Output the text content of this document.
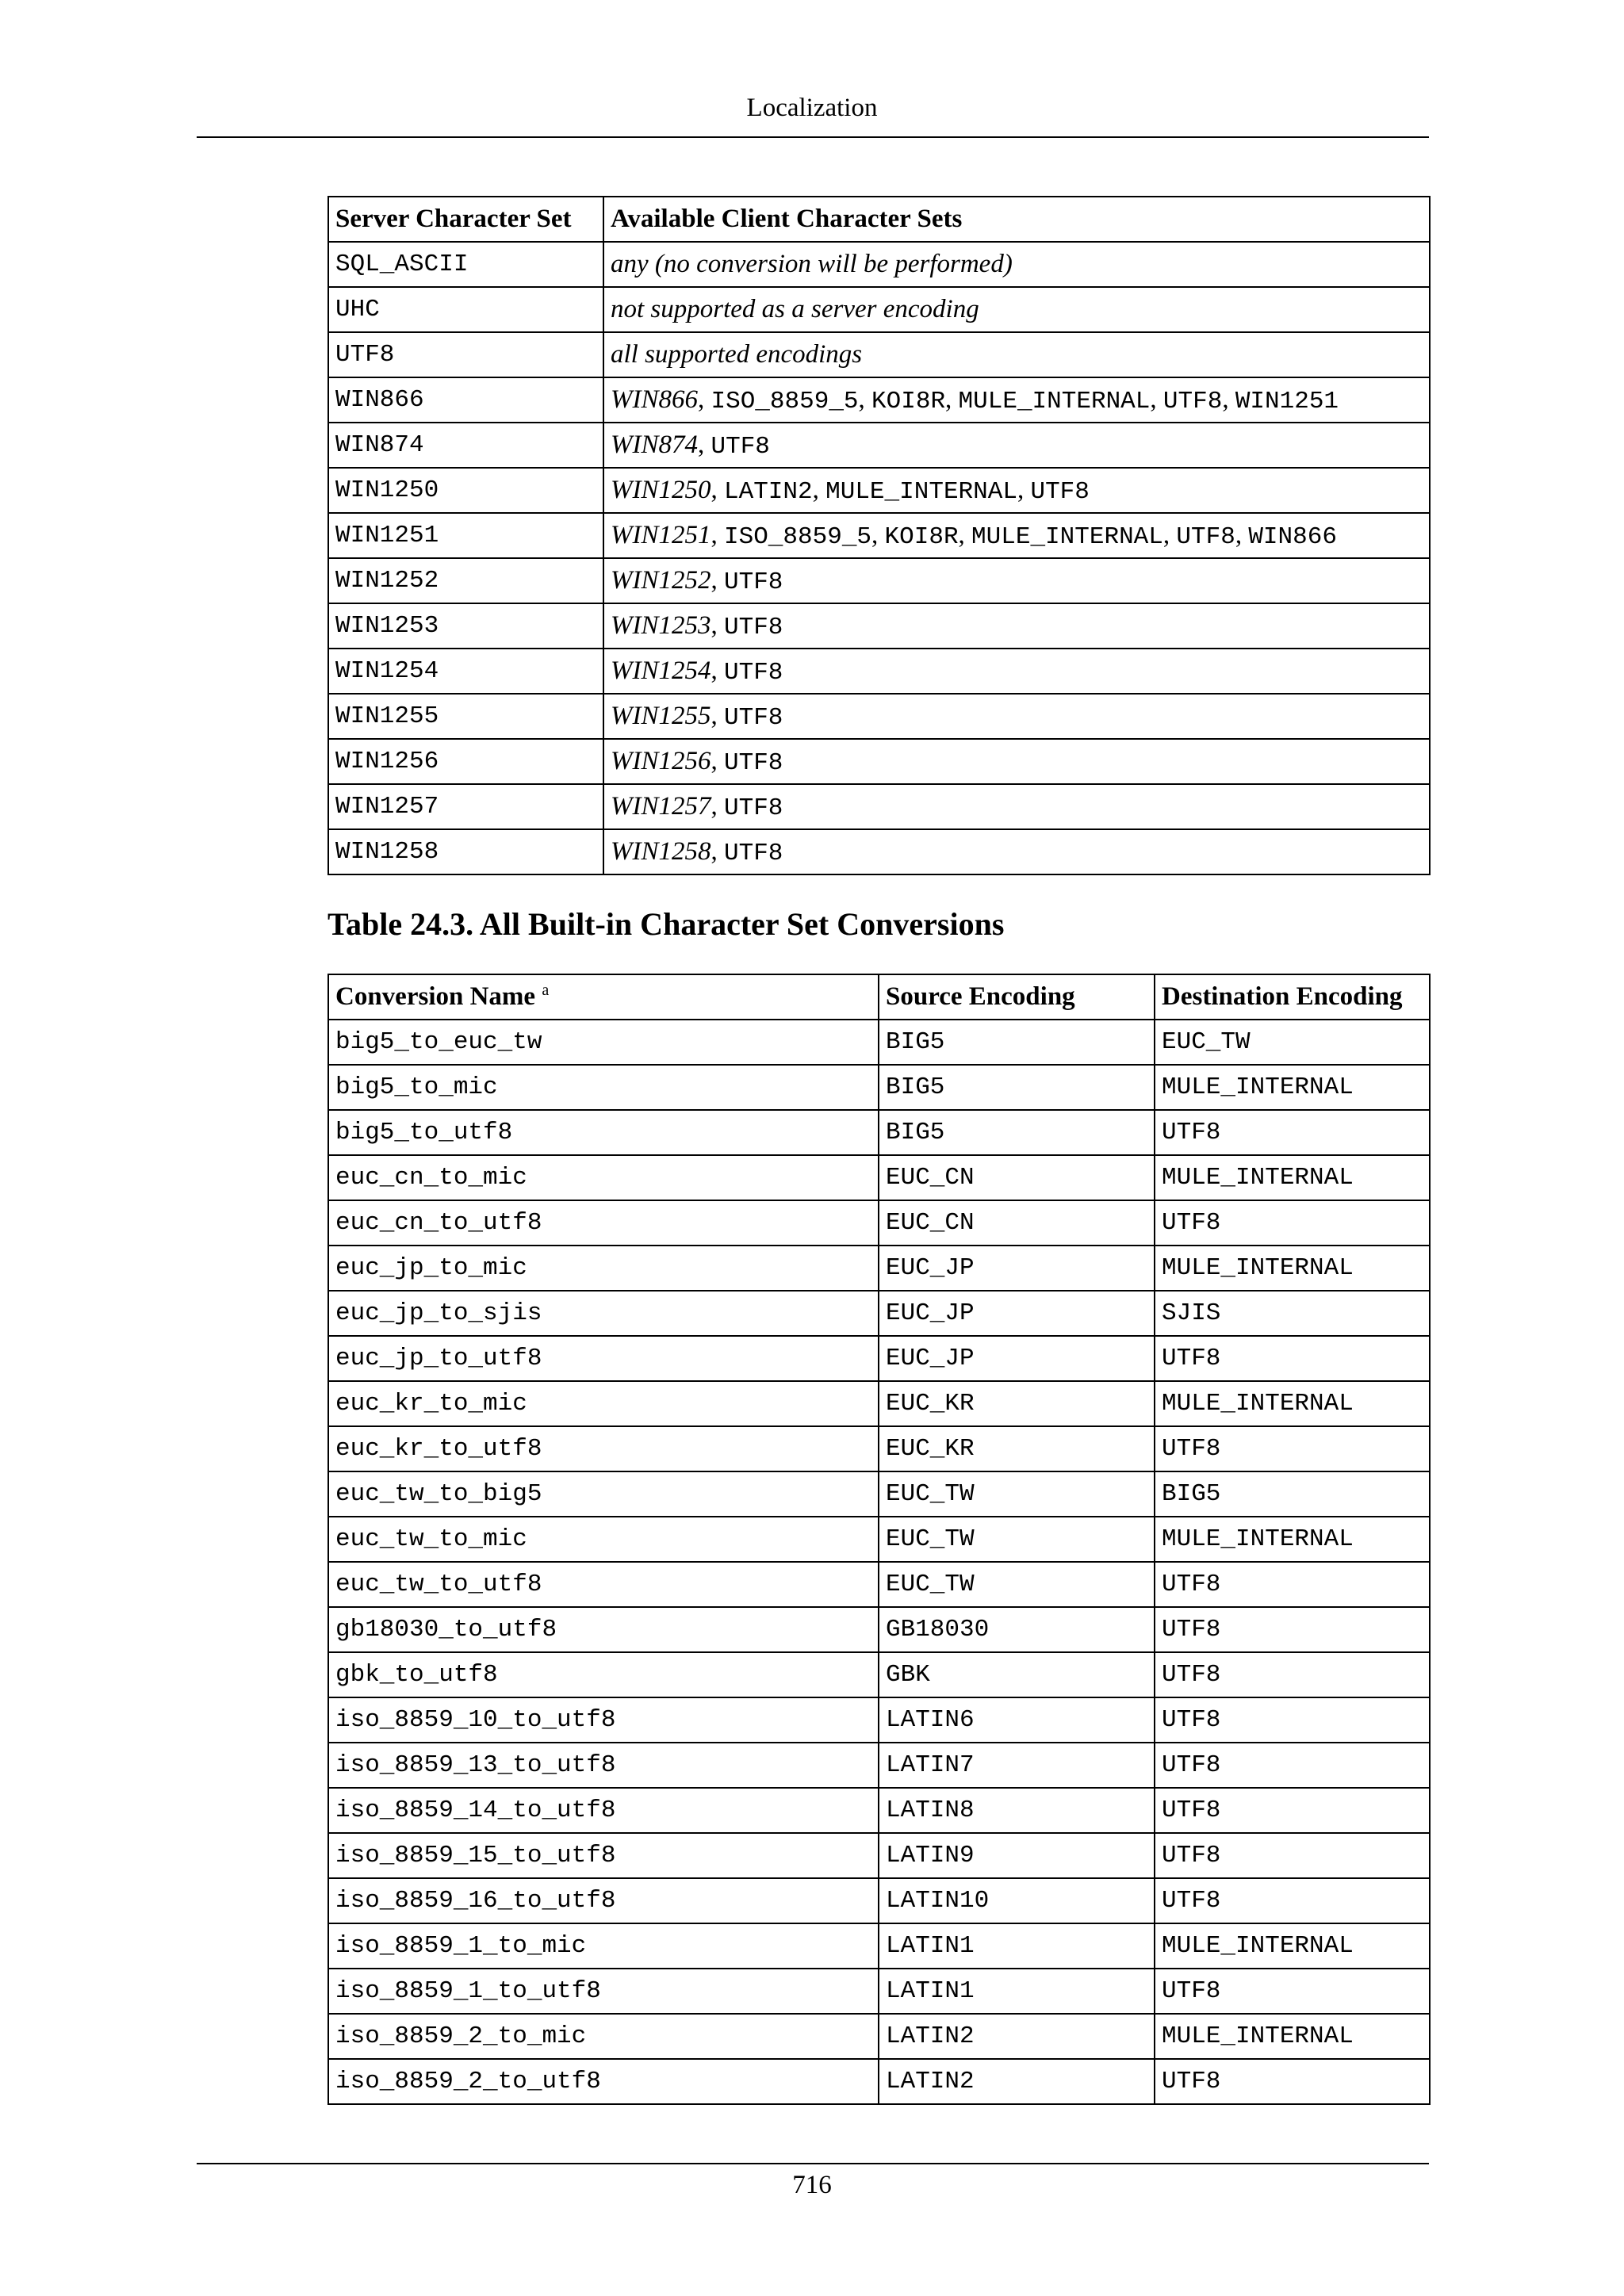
Localization
Server Character Set	Available Client Character Sets
SQL_ASCII	any (no conversion will be performed)
UHC	not supported as a server encoding
UTF8	all supported encodings
WIN866	WIN866, ISO_8859_5, KOI8R, MULE_INTERNAL, UTF8, WIN1251
WIN874	WIN874, UTF8
WIN1250	WIN1250, LATIN2, MULE_INTERNAL, UTF8
WIN1251	WIN1251, ISO_8859_5, KOI8R, MULE_INTERNAL, UTF8, WIN866
WIN1252	WIN1252, UTF8
WIN1253	WIN1253, UTF8
WIN1254	WIN1254, UTF8
WIN1255	WIN1255, UTF8
WIN1256	WIN1256, UTF8
WIN1257	WIN1257, UTF8
WIN1258	WIN1258, UTF8
Table 24.3. All Built-in Character Set Conversions
Conversion Name $^a$	Source Encoding	Destination Encoding
big5_to_euc_tw	BIG5	EUC_TW
big5_to_mic	BIG5	MULE_INTERNAL
big5_to_utf8	BIG5	UTF8
euc_cn_to_mic	EUC_CN	MULE_INTERNAL
euc_cn_to_utf8	EUC_CN	UTF8
euc_jp_to_mic	EUC_JP	MULE_INTERNAL
euc_jp_to_sjis	EUC_JP	SJIS
euc_jp_to_utf8	EUC_JP	UTF8
euc_kr_to_mic	EUC_KR	MULE_INTERNAL
euc_kr_to_utf8	EUC_KR	UTF8
euc_tw_to_big5	EUC_TW	BIG5
euc_tw_to_mic	EUC_TW	MULE_INTERNAL
euc_tw_to_utf8	EUC_TW	UTF8
gb18030_to_utf8	GB18030	UTF8
gbk_to_utf8	GBK	UTF8
iso_8859_10_to_utf8	LATIN6	UTF8
iso_8859_13_to_utf8	LATIN7	UTF8
iso_8859_14_to_utf8	LATIN8	UTF8
iso_8859_15_to_utf8	LATIN9	UTF8
iso_8859_16_to_utf8	LATIN10	UTF8
iso_8859_1_to_mic	LATIN1	MULE_INTERNAL
iso_8859_1_to_utf8	LATIN1	UTF8
iso_8859_2_to_mic	LATIN2	MULE_INTERNAL
iso_8859_2_to_utf8	LATIN2	UTF8
716
